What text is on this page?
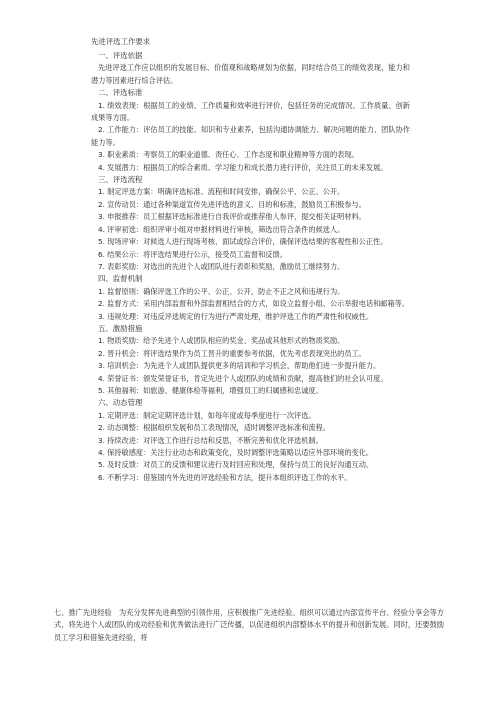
先进评选工作要求

一、评选依据

先进评选工作应以组织的发展目标、价值观和战略规划为依据，同时结合员工的绩效表现、能力和潜力等因素进行综合评估。

二、评选标准

1. 绩效表现：根据员工的业绩、工作质量和效率进行评价，包括任务的完成情况、工作质量、创新成果等方面。

2. 工作能力：评估员工的技能、知识和专业素养，包括沟通协调能力、解决问题的能力、团队协作能力等。

3. 职业素质：考察员工的职业道德、责任心、工作态度和职业精神等方面的表现。

4. 发展潜力：根据员工的综合素质、学习能力和成长潜力进行评价，关注员工的未来发展。

三、评选流程

1. 制定评选方案：明确评选标准、流程和时间安排，确保公平、公正、公开。

2. 宣传动员：通过各种渠道宣传先进评选的意义、目的和标准，鼓励员工积极参与。

3. 申报推荐：员工根据评选标准进行自我评价或推荐他人参评，提交相关证明材料。

4. 评审初选：组织评审小组对申报材料进行审核，筛选出符合条件的候选人。

5. 现场评审：对候选人进行现场考核、面试或综合评价，确保评选结果的客观性和公正性。

6. 结果公示：将评选结果进行公示，接受员工监督和反馈。

7. 表彰奖励：对选出的先进个人或团队进行表彰和奖励，激励员工继续努力。

四、监督机制

1. 监督原则：确保评选工作的公平、公正、公开，防止不正之风和违规行为。

2. 监督方式：采用内部监督和外部监督相结合的方式，如设立监督小组、公示举报电话和邮箱等。

3. 违规处理：对违反评选规定的行为进行严肃处理，维护评选工作的严肃性和权威性。

五、激励措施

1. 物质奖励：给予先进个人或团队相应的奖金、奖品或其他形式的物质奖励。

2. 晋升机会：将评选结果作为员工晋升的重要参考依据，优先考虑表现突出的员工。

3. 培训机会：为先进个人或团队提供更多的培训和学习机会，帮助他们进一步提升能力。

4. 荣誉证书：颁发荣誉证书，肯定先进个人或团队的成绩和贡献，提高他们的社会认可度。

5. 其他福利：如旅游、健康体检等福利，增强员工的归属感和忠诚度。

六、动态管理

1. 定期评选：制定定期评选计划，如每年度或每季度进行一次评选。

2. 动态调整：根据组织发展和员工表现情况，适时调整评选标准和流程。

3. 持续改进：对评选工作进行总结和反思，不断完善和优化评选机制。

4. 保持敏感度：关注行业动态和政策变化，及时调整评选策略以适应外部环境的变化。

5. 及时反馈：对员工的反馈和建议进行及时回应和处理，保持与员工的良好沟通互动。

6. 不断学习：借鉴国内外先进的评选经验和方法，提升本组织评选工作的水平。

七、推广先进经验　为充分发挥先进典型的引领作用，应积极推广先进经验。组织可以通过内部宣传平台、经验分享会等方式，将先进个人或团队的成功经验和优秀做法进行广泛传播，以促进组织内部整体水平的提升和创新发展。同时，还要鼓励员工学习和借鉴先进经验，将
